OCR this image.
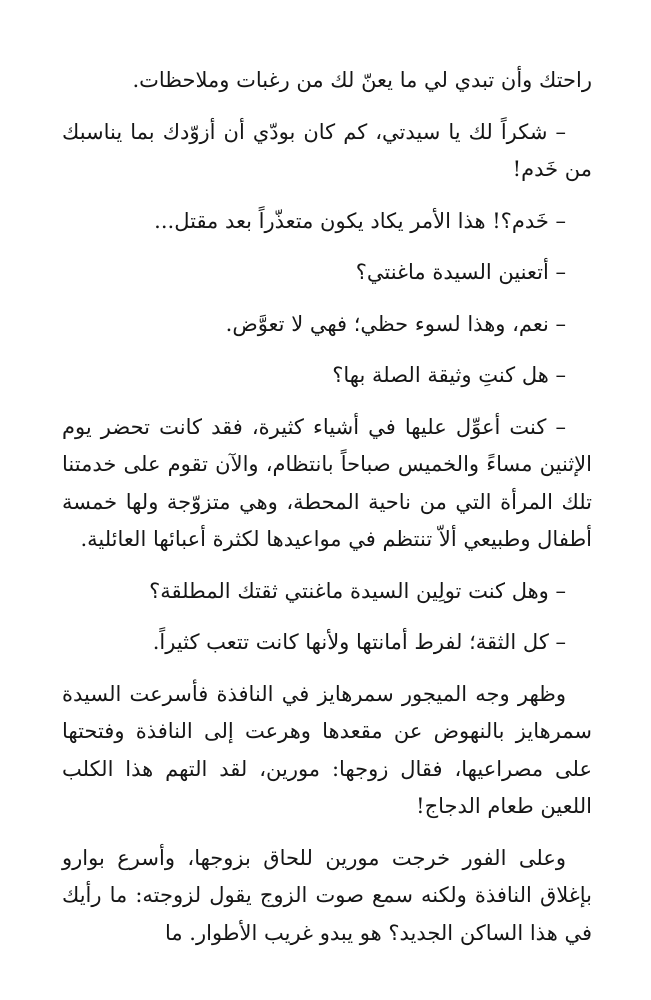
راحتك وأن تبدي لي ما يعنّ لك من رغبات وملاحظات.

– شكراً لك يا سيدتي، كم كان بودّي أن أزوّدك بما يناسبك من خَدم!

– خَدم؟! هذا الأمر يكاد يكون متعذّراً بعد مقتل...

– أتعنين السيدة ماغنتي؟

– نعم، وهذا لسوء حظي؛ فهي لا تعوَّض.

– هل كنتِ وثيقة الصلة بها؟

– كنت أعوِّل عليها في أشياء كثيرة، فقد كانت تحضر يوم الإثنين مساءً والخميس صباحاً بانتظام، والآن تقوم على خدمتنا تلك المرأة التي من ناحية المحطة، وهي متزوّجة ولها خمسة أطفال وطبيعي ألاّ تنتظم في مواعيدها لكثرة أعبائها العائلية.

– وهل كنت تولِين السيدة ماغنتي ثقتك المطلقة؟

– كل الثقة؛ لفرط أمانتها ولأنها كانت تتعب كثيراً.

وظهر وجه الميجور سمرهايز في النافذة فأسرعت السيدة سمرهايز بالنهوض عن مقعدها وهرعت إلى النافذة وفتحتها على مصراعيها، فقال زوجها: مورين، لقد التهم هذا الكلب اللعين طعام الدجاج!

وعلى الفور خرجت مورين للحاق بزوجها، وأسرع بوارو بإغلاق النافذة ولكنه سمع صوت الزوج يقول لزوجته: ما رأيك في هذا الساكن الجديد؟ هو يبدو غريب الأطوار. ما
